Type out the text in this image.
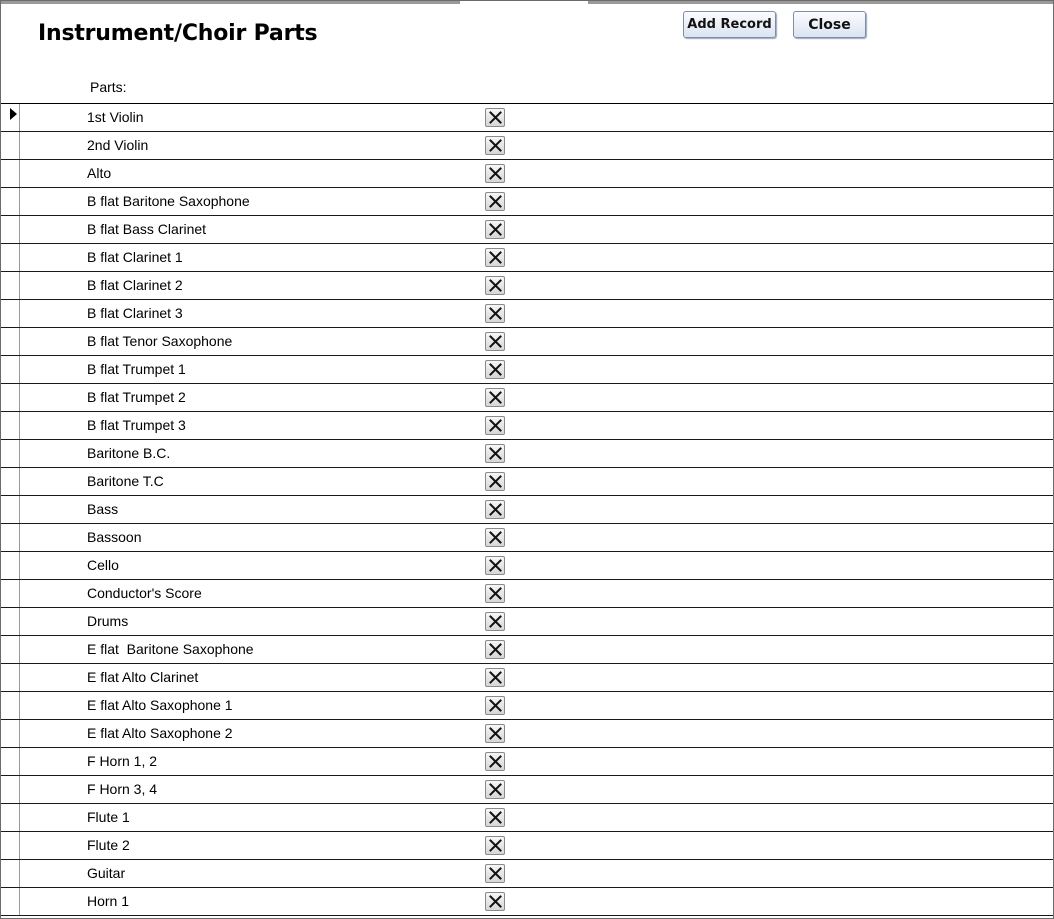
Instrument/Choir Parts	Add Record	Close
Parts:
1st Violin
2nd Violin
Alto
B flat Baritone Saxophone
B flat Bass Clarinet
B flat Clarinet 1
B flat Clarinet 2
B flat Clarinet 3
B flat Tenor Saxophone
B flat Trumpet 1
B flat Trumpet 2
B flat Trumpet 3
Baritone B.C.
Baritone T.C
Bass
Bassoon
Cello
Conductor's Score
Drums
E flat  Baritone Saxophone
E flat Alto Clarinet
E flat Alto Saxophone 1
E flat Alto Saxophone 2
F Horn 1, 2
F Horn 3, 4
Flute 1
Flute 2
Guitar
Horn 1
